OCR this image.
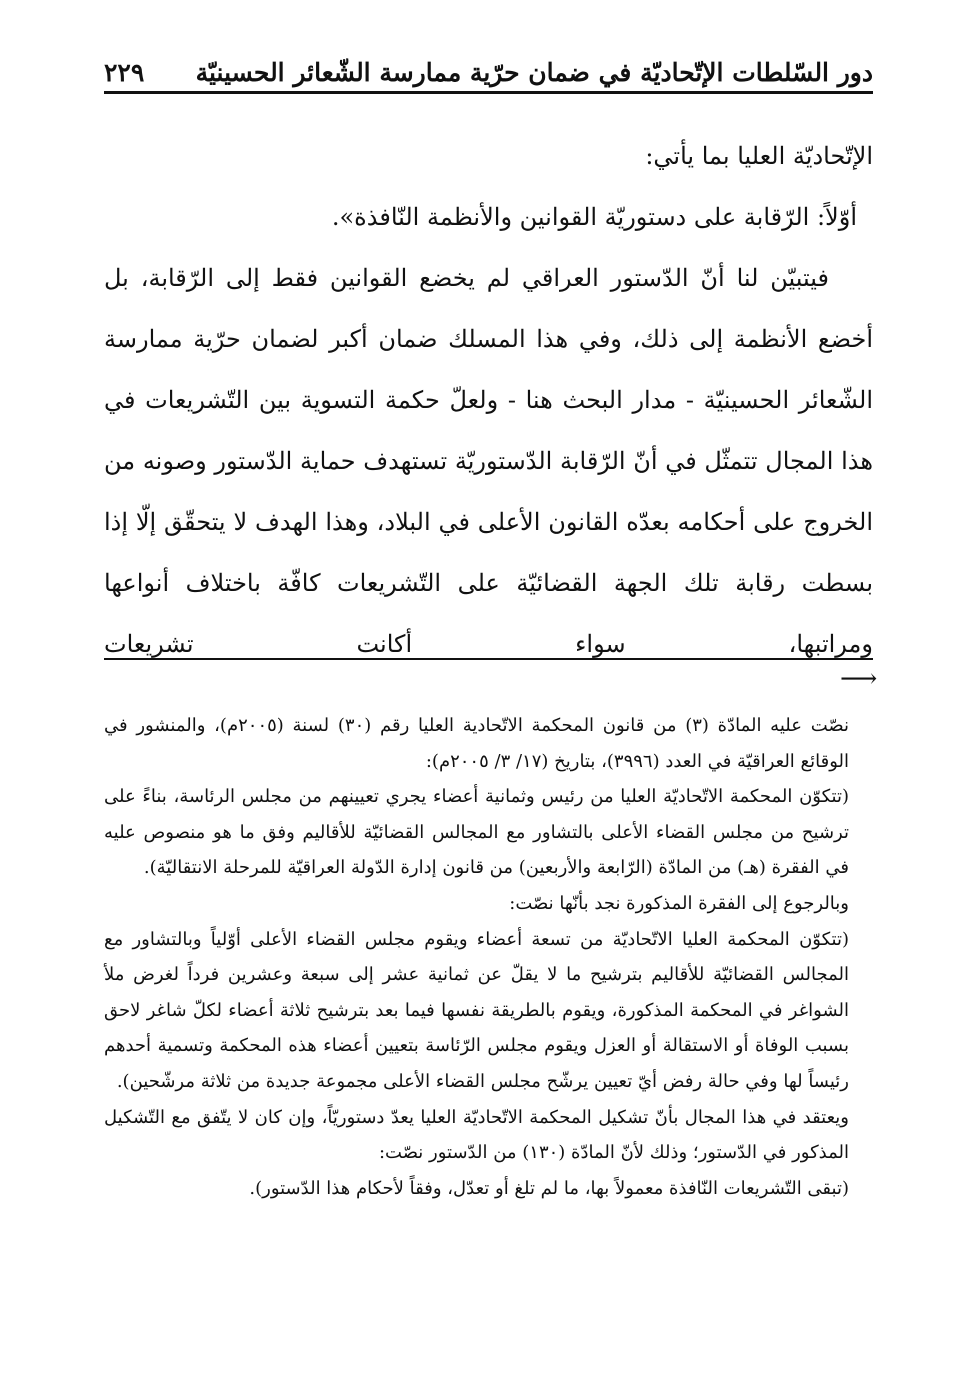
دور السّلطات الإتّحاديّة في ضمان حرّية ممارسة الشّعائر الحسينيّة
٢٢٩

الإتّحاديّة العليا بما يأتي:

أوّلاً: الرّقابة على دستوريّة القوانين والأنظمة النّافذة».

فيتبيّن لنا أنّ الدّستور العراقي لم يخضع القوانين فقط إلى الرّقابة، بل أخضع الأنظمة إلى ذلك، وفي هذا المسلك ضمان أكبر لضمان حرّية ممارسة الشّعائر الحسينيّة - مدار البحث هنا - ولعلّ حكمة التسوية بين التّشريعات في هذا المجال تتمثّل في أنّ الرّقابة الدّستوريّة تستهدف حماية الدّستور وصونه من الخروج على أحكامه بعدّه القانون الأعلى في البلاد، وهذا الهدف لا يتحقّق إلّا إذا بسطت رقابة تلك الجهة القضائيّة على التّشريعات كافّة باختلاف أنواعها ومراتبها، سواء أكانت تشريعات

⟶

نصّت عليه المادّة (٣) من قانون المحكمة الاتّحادية العليا رقم (٣٠) لسنة (٢٠٠٥م)، والمنشور في الوقائع العراقيّة في العدد (٣٩٩٦)، بتاريخ (١٧/ ٣/ ٢٠٠٥م):

(تتكوّن المحكمة الاتّحاديّة العليا من رئيس وثمانية أعضاء يجري تعيينهم من مجلس الرئاسة، بناءً على ترشيح من مجلس القضاء الأعلى بالتشاور مع المجالس القضائيّة للأقاليم وفق ما هو منصوص عليه في الفقرة (هـ) من المادّة (الرّابعة والأربعين) من قانون إدارة الدّولة العراقيّة للمرحلة الانتقاليّة).

وبالرجوع إلى الفقرة المذكورة نجد بأنّها نصّت:

(تتكوّن المحكمة العليا الاتّحاديّة من تسعة أعضاء ويقوم مجلس القضاء الأعلى أوّلياً وبالتشاور مع المجالس القضائيّة للأقاليم بترشيح ما لا يقلّ عن ثمانية عشر إلى سبعة وعشرين فرداً لغرض ملأ الشواغر في المحكمة المذكورة، ويقوم بالطريقة نفسها فيما بعد بترشيح ثلاثة أعضاء لكلّ شاغر لاحق بسبب الوفاة أو الاستقالة أو العزل ويقوم مجلس الرّئاسة بتعيين أعضاء هذه المحكمة وتسمية أحدهم رئيساً لها وفي حالة رفض أيّ تعيين يرشّح مجلس القضاء الأعلى مجموعة جديدة من ثلاثة مرشّحين).

ويعتقد في هذا المجال بأنّ تشكيل المحكمة الاتّحاديّة العليا يعدّ دستوريّاً، وإن كان لا يتّفق مع التّشكيل المذكور في الدّستور؛ وذلك لأنّ المادّة (١٣٠) من الدّستور نصّت:

(تبقى التّشريعات النّافذة معمولاً بها، ما لم تلغ أو تعدّل، وفقاً لأحكام هذا الدّستور).
